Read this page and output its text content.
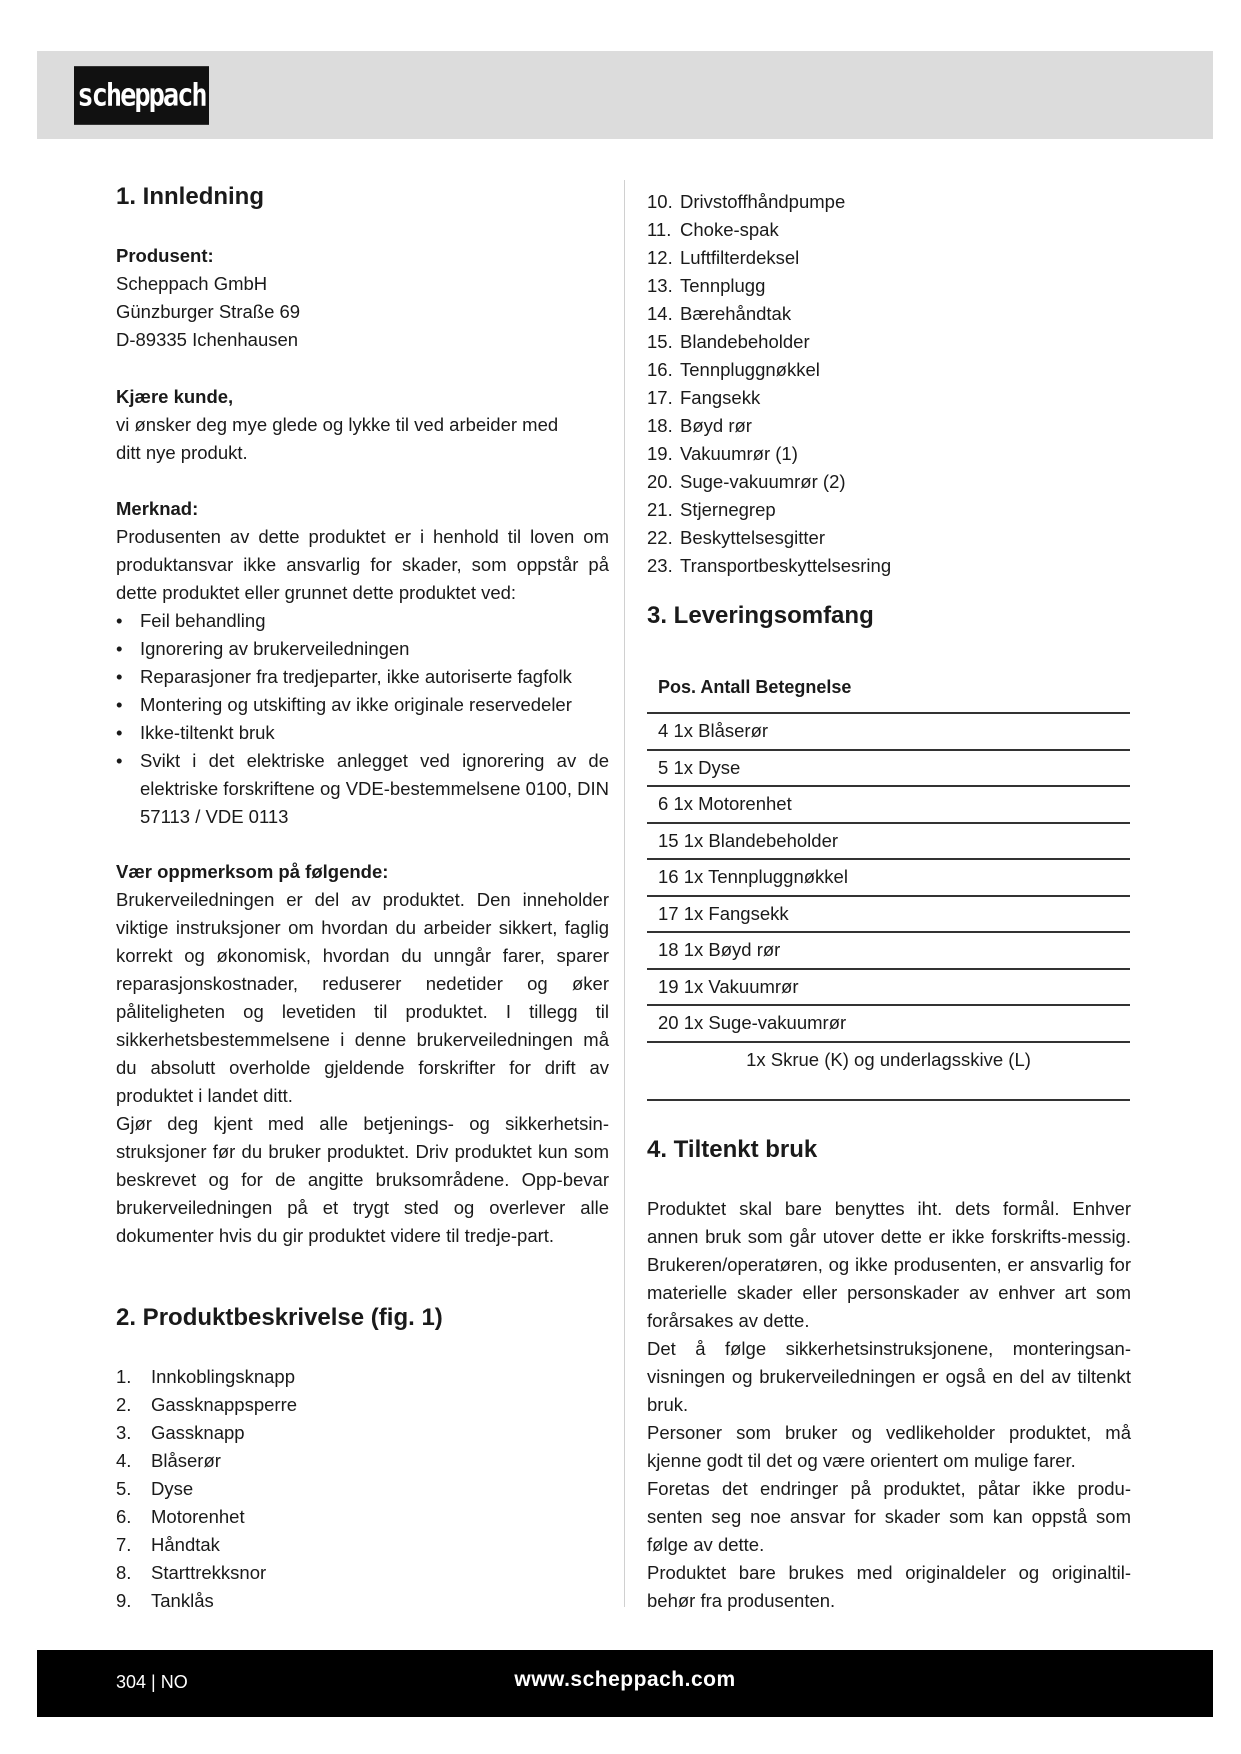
scheppach
1. Innledning
Produsent:
Scheppach GmbH
Günzburger Straße 69
D-89335 Ichenhausen
Kjære kunde,
vi ønsker deg mye glede og lykke til ved arbeider med ditt nye produkt.
Merknad:
Produsenten av dette produktet er i henhold til loven om produktansvar ikke ansvarlig for skader, som oppstår på dette produktet eller grunnet dette produktet ved:
• Feil behandling
• Ignorering av brukerveiledningen
• Reparasjoner fra tredjeparter, ikke autoriserte fagfolk
• Montering og utskifting av ikke originale reservedeler
• Ikke-tiltenkt bruk
• Svikt i det elektriske anlegget ved ignorering av de elektriske forskriftene og VDE-bestemmelsene 0100, DIN 57113 / VDE 0113
Vær oppmerksom på følgende:
Brukerveiledningen er del av produktet. Den inneholder viktige instruksjoner om hvordan du arbeider sikkert, faglig korrekt og økonomisk, hvordan du unngår farer, sparer reparasjonskostnader, reduserer nedetider og øker påliteligheten og levetiden til produktet. I tillegg til sikkerhetsbestemmelsene i denne brukerveiledningen må du absolutt overholde gjeldende forskrifter for drift av produktet i landet ditt.
Gjør deg kjent med alle betjenings- og sikkerhetsin-struksjoner før du bruker produktet. Driv produktet kun som beskrevet og for de angitte bruksområdene. Opp-bevar brukerveiledningen på et trygt sted og overlever alle dokumenter hvis du gir produktet videre til tredje-part.
2. Produktbeskrivelse (fig. 1)
1.	Innkoblingsknapp
2.	Gassknappsperre
3.	Gassknapp
4.	Blåserør
5.	Dyse
6.	Motorenhet
7.	Håndtak
8.	Starttrekksnor
9.	Tanklås
10. Drivstoffhåndpumpe
11. Choke-spak
12. Luftfilterdeksel
13. Tennplugg
14. Bærehåndtak
15. Blandebeholder
16. Tennpluggnøkkel
17. Fangsekk
18. Bøyd rør
19. Vakuumrør (1)
20. Suge-vakuumrør (2)
21. Stjernegrep
22. Beskyttelsesgitter
23. Transportbeskyttelsesring
3. Leveringsomfang
Pos. Antall Betegnelse
4 1x Blåserør
5 1x Dyse
6 1x Motorenhet
15 1x Blandebeholder
16 1x Tennpluggnøkkel
17 1x Fangsekk
18 1x Bøyd rør
19 1x Vakuumrør
20 1x Suge-vakuumrør
1x Skrue (K) og underlagsskive (L)
4. Tiltenkt bruk
Produktet skal bare benyttes iht. dets formål. Enhver annen bruk som går utover dette er ikke forskrifts-messig. Brukeren/operatøren, og ikke produsenten, er ansvarlig for materielle skader eller personskader av enhver art som forårsakes av dette.
Det å følge sikkerhetsinstruksjonene, monteringsan-visningen og brukerveiledningen er også en del av tiltenkt bruk.
Personer som bruker og vedlikeholder produktet, må kjenne godt til det og være orientert om mulige farer.
Foretas det endringer på produktet, påtar ikke produ-senten seg noe ansvar for skader som kan oppstå som følge av dette.
Produktet bare brukes med originaldeler og originaltil-behør fra produsenten.
304 | NO	www.scheppach.com
